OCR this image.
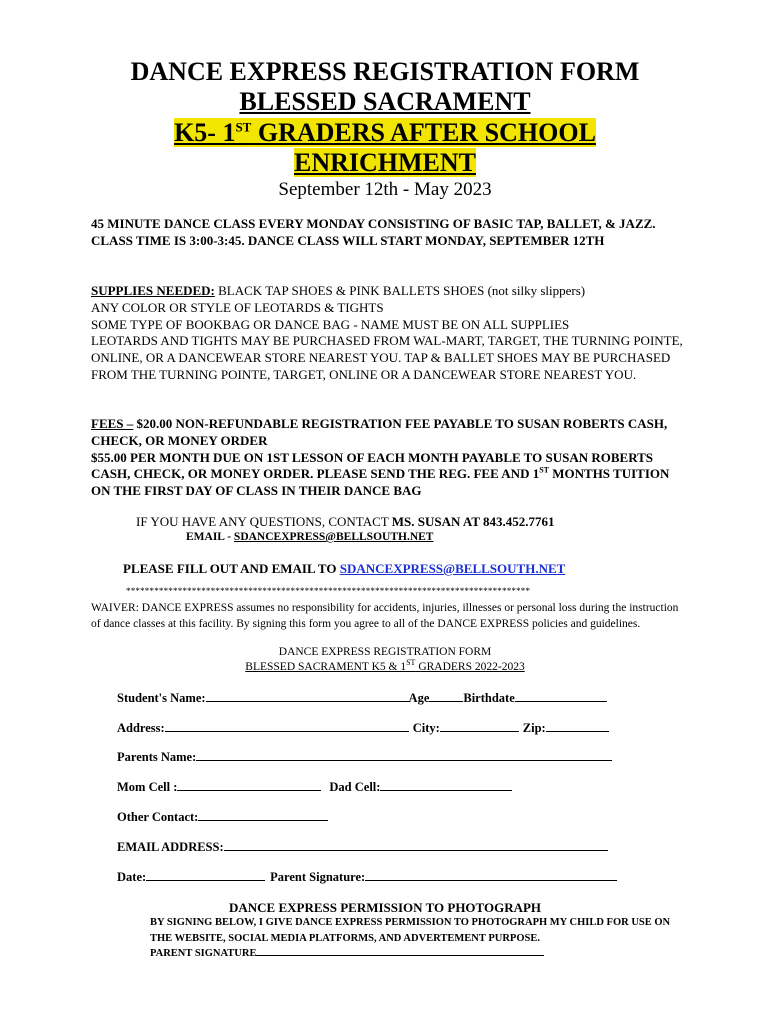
DANCE EXPRESS REGISTRATION FORM
BLESSED SACRAMENT
K5- 1ST GRADERS AFTER SCHOOL
ENRICHMENT
September 12th - May 2023
45 MINUTE DANCE CLASS EVERY MONDAY CONSISTING OF BASIC TAP, BALLET, & JAZZ. CLASS TIME IS 3:00-3:45. DANCE CLASS WILL START MONDAY, SEPTEMBER 12TH
SUPPLIES NEEDED: BLACK TAP SHOES & PINK BALLETS SHOES (not silky slippers)
ANY COLOR OR STYLE OF LEOTARDS & TIGHTS
SOME TYPE OF BOOKBAG OR DANCE BAG - NAME MUST BE ON ALL SUPPLIES
LEOTARDS AND TIGHTS MAY BE PURCHASED FROM WAL-MART, TARGET, THE TURNING POINTE, ONLINE, OR A DANCEWEAR STORE NEAREST YOU. TAP & BALLET SHOES MAY BE PURCHASED FROM THE TURNING POINTE, TARGET, ONLINE OR A DANCEWEAR STORE NEAREST YOU.
FEES – $20.00 NON-REFUNDABLE REGISTRATION FEE PAYABLE TO SUSAN ROBERTS CASH, CHECK, OR MONEY ORDER
$55.00 PER MONTH DUE ON 1ST LESSON OF EACH MONTH PAYABLE TO SUSAN ROBERTS CASH, CHECK, OR MONEY ORDER. PLEASE SEND THE REG. FEE AND 1ST MONTHS TUITION ON THE FIRST DAY OF CLASS IN THEIR DANCE BAG
IF YOU HAVE ANY QUESTIONS, CONTACT MS. SUSAN AT 843.452.7761
EMAIL - SDANCEXPRESS@BELLSOUTH.NET
PLEASE FILL OUT AND EMAIL TO SDANCEXPRESS@BELLSOUTH.NET
**************************************************************************************
WAIVER: DANCE EXPRESS assumes no responsibility for accidents, injuries, illnesses or personal loss during the instruction of dance classes at this facility. By signing this form you agree to all of the DANCE EXPRESS policies and guidelines.
DANCE EXPRESS REGISTRATION FORM
BLESSED SACRAMENT K5 & 1ST GRADERS 2022-2023
Student's Name:	Age	Birthdate
Address:	City:	Zip:
Parents Name:
Mom Cell :	Dad Cell:
Other Contact:
EMAIL ADDRESS:
Date:	Parent Signature:
DANCE EXPRESS PERMISSION TO PHOTOGRAPH
BY SIGNING BELOW, I GIVE DANCE EXPRESS PERMISSION TO PHOTOGRAPH MY CHILD FOR USE ON THE WEBSITE, SOCIAL MEDIA PLATFORMS, AND ADVERTEMENT PURPOSE.
PARENT SIGNATURE
